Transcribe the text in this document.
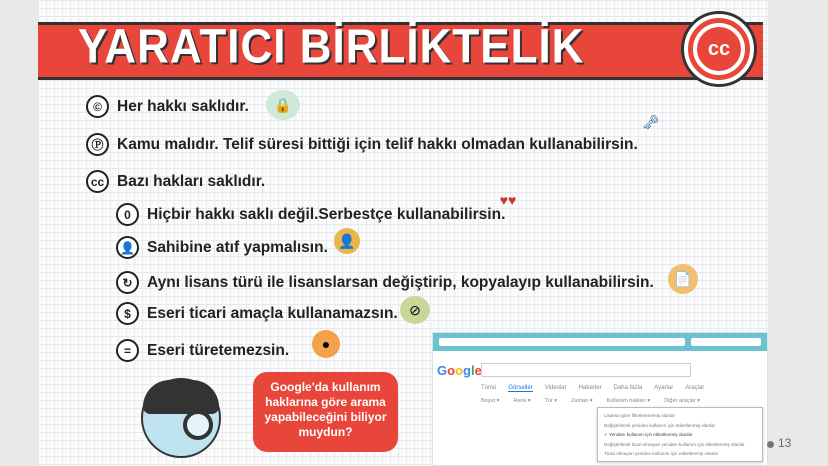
YARATICI BİRLİKTELİK	cc
© Her hakkı saklıdır.
Ⓟ Kamu malıdır. Telif süresi bittiği için telif hakkı olmadan kullanabilirsin.
cc Bazı hakları saklıdır.
0	Hiçbir hakkı saklı değil.Serbestçe kullanabilirsin.
👤 Sahibine atıf yapmalısın.
↻ Aynı lisans türü ile lisanslarsan değiştirip, kopyalayıp kullanabilirsin.
$	Eseri ticari amaçla kullanamazsın.
=	Eseri türetemezsin.
🔒
🗝
♥♥
👤
📄
⊘
●
Google'da kullanım haklarına göre arama yapabileceğini biliyor muydun?
Google
Tümü Görseller Videolar Haberler Daha fazla Ayarlar Araçlar
Boyut ▾	Renk ▾	Tür ▾	Zaman ▾	Kullanım hakları ▾	Diğer araçlar ▾
Lisansa göre filtrelenmemiş olanlar
Değiştirilerek yeniden kullanım için etiketlenmiş olanlar
✓ Yeniden kullanım için etiketlenmiş olanlar
Değiştirilerek ticari olmayan yeniden kullanım için etiketlenmiş olanlar
Ticari olmayan yeniden kullanım için etiketlenmiş olanlar
13
